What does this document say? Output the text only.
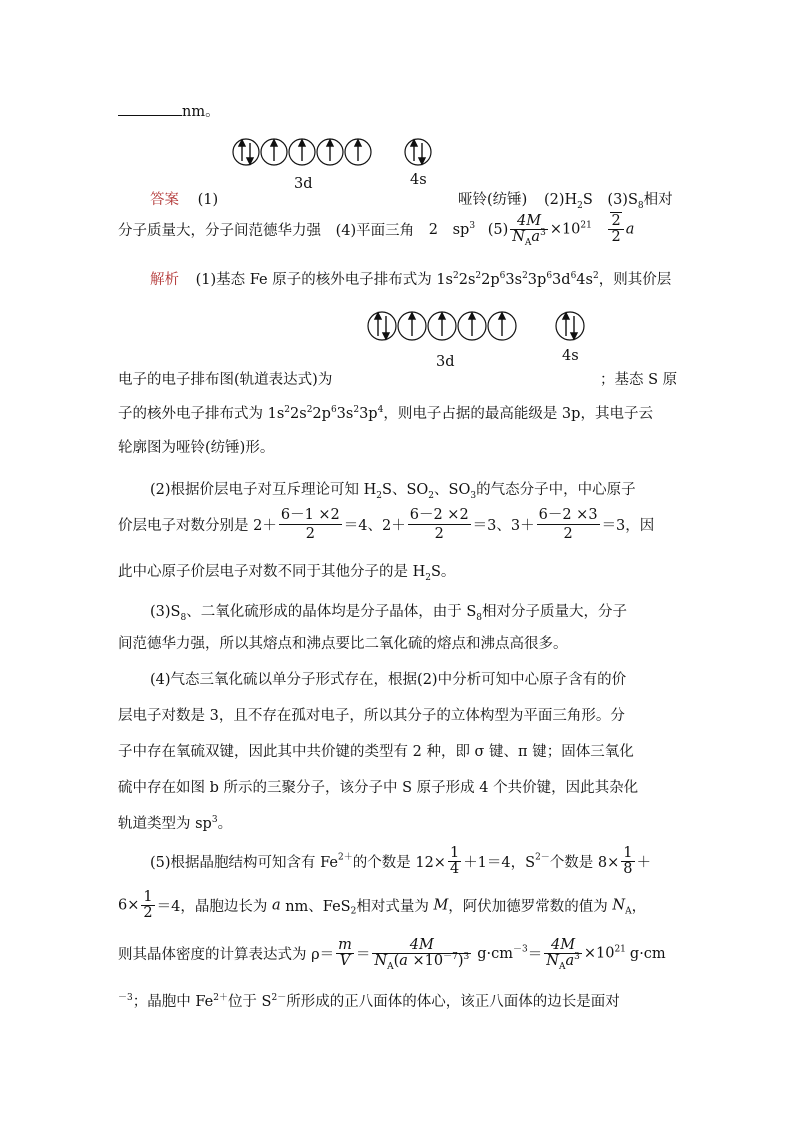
nm。
3d	4s
答案 (1)	哑铃(纺锤) $(2)H_2S$ $(3)S_8$相对
分子质量大，分子间范德华力强 (4)平面三角 2 $sp^3$ $(5) \frac{4M}{N_Aa^3} \times 10^{21} \frac{2}{2}$ a
解析 (1)基态 Fe 原子的核外电子排布式为 $1s^22s^22p^63s^23p^63d^64s^2$，则其价层
3d	4s
电子的电子排布图(轨道表达式)为	；基态 S 原
子的核外电子排布式为 $1s^22s^22p^63s^23p^4$，则电子占据的最高能级是 3p，其电子云
轮廓图为哑铃(纺锤)形。
(2)根据价层电子对互斥理论可知 $H_2S$、$SO_2$、$SO_3$的气态分子中，中心原子
价层电子对数分别是 $2+ \frac{6-1 \times 2}{2} =4$、$2+ \frac{6-2 \times 2}{2} =3$、$3+ \frac{6-2 \times 3}{2} =3$，因
此中心原子价层电子对数不同于其他分子的是 $H_2S$。
$(3)S_8$、二氧化硫形成的晶体均是分子晶体，由于 $S_8$相对分子质量大，分子
间范德华力强，所以其熔点和沸点要比二氧化硫的熔点和沸点高很多。
(4)气态三氧化硫以单分子形式存在，根据(2)中分析可知中心原子含有的价
层电子对数是 3，且不存在孤对电子，所以其分子的立体构型为平面三角形。分
子中存在氧硫双键，因此其中共价键的类型有 2 种，即 σ 键、π 键；固体三氧化
硫中存在如图 b 所示的三聚分子，该分子中 S 原子形成 4 个共价键，因此其杂化
轨道类型为 $sp^3$。
(5)根据晶胞结构可知含有 $Fe^{2+}$的个数是 $12\times \frac{1}{4} +1=4$，$S^{2-}$个数是 $8\times \frac{1}{8}$ ＋
$6\times \frac{1}{2} =4$，晶胞边长为 a nm、FeS$_2$相对式量为 M，阿伏加德罗常数的值为 $N_A$，
则其晶体密度的计算表达式为 $\rho= \frac{m}{V} = \frac{4M}{N_A(a \times 10^{-7})^3} g\cdot cm^{-3}= \frac{4M}{N_Aa^3} \times 10^{21}$ g·cm
$^{-3}$；晶胞中 $Fe^{2+}$位于 $S^{2-}$所形成的正八面体的体心，该正八面体的边长是面对
